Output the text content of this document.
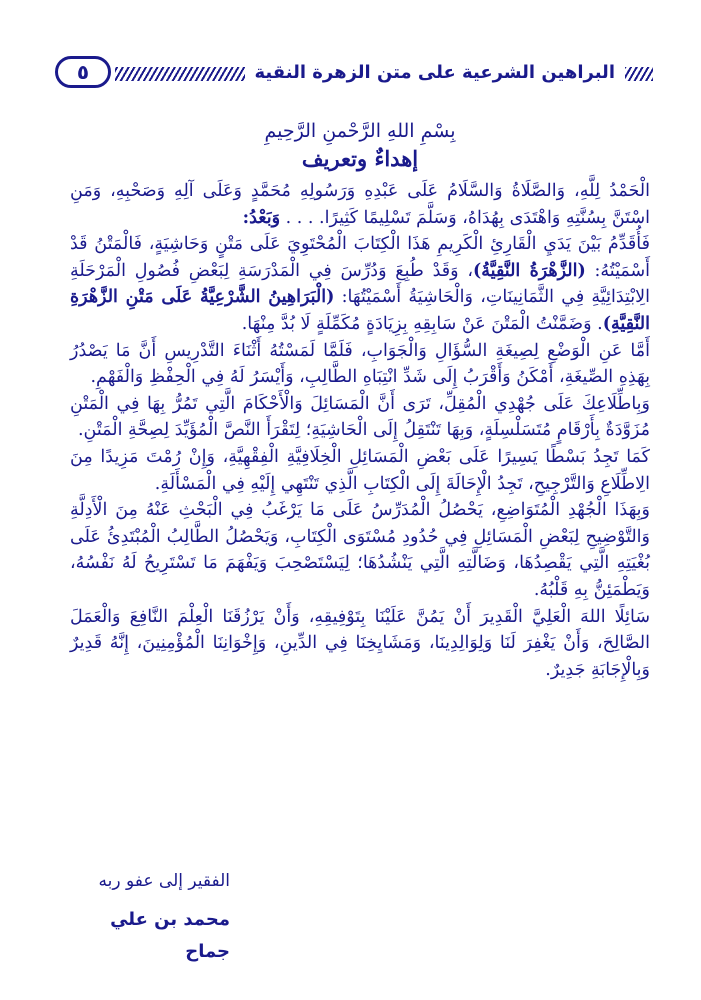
البراهين الشرعية على متن الزهرة النقية
٥
بِسْمِ اللهِ الرَّحْمنِ الرَّحِيمِ
إهداءٌ وتعريف

الْحَمْدُ لِلَّهِ، وَالصَّلَاةُ وَالسَّلَامُ عَلَى عَبْدِهِ وَرَسُولِهِ مُحَمَّدٍ وَعَلَى آلِهِ وَصَحْبِهِ، وَمَنِ اسْتَنَّ بِسُنَّتِهِ وَاهْتَدَى بِهُدَاهُ، وَسَلَّمَ تَسْلِيمًا كَثِيرًا. . . . وَبَعْدُ:

فَأُقَدِّمُ بَيْنَ يَدَيِ الْقَارِئِ الْكَرِيمِ هَذَا الْكِتَابَ الْمُحْتَوِيَ عَلَى مَتْنٍ وَحَاشِيَةٍ، فَالْمَتْنُ قَدْ أَسْمَيْتُهُ: (الزَّهْرَةُ النَّقِيَّةُ)، وَقَدْ طُبِعَ وَدُرِّسَ فِي الْمَدْرَسَةِ لِبَعْضِ فُصُولِ الْمَرْحَلَةِ الِابْتِدَائِيَّةِ فِي الثَّمَانِينَاتِ، وَالْحَاشِيَةُ أَسْمَيْتُهَا: (الْبَرَاهِينُ الشَّرْعِيَّةُ عَلَى مَتْنِ الزَّهْرَةِ النَّقِيَّةِ). وَضَمَّنْتُ الْمَتْنَ عَنْ سَابِقِهِ بِزِيَادَةٍ مُكَمِّلَةٍ لَا بُدَّ مِنْهَا.

أَمَّا عَنِ الْوَضْعِ لِصِيغَةِ السُّؤَالِ وَالْجَوَابِ، فَلَمَّا لَمَسْتُهُ أَثْنَاءَ التَّدْرِيسِ أَنَّ مَا يَصْدُرُ بِهَذِهِ الصِّيغَةِ، أَمْكَنُ وَأَقْرَبُ إِلَى شَدِّ انْتِبَاهِ الطَّالِبِ، وَأَيْسَرُ لَهُ فِي الْحِفْظِ وَالْفَهْمِ.

وَبِاطِّلَاعِكَ عَلَى جُهْدِي الْمُقِلِّ، تَرَى أَنَّ الْمَسَائِلَ وَالْأَحْكَامَ الَّتِي تَمُرُّ بِهَا فِي الْمَتْنِ مُزَوَّدَةٌ بِأَرْقَامٍ مُتَسَلْسِلَةٍ، وَبِهَا تَنْتَقِلُ إِلَى الْحَاشِيَةِ؛ لِتَقْرَأَ النَّصَّ الْمُؤَيِّدَ لِصِحَّةِ الْمَتْنِ.

كَمَا تَجِدُ بَسْطًا يَسِيرًا عَلَى بَعْضِ الْمَسَائِلِ الْخِلَافِيَّةِ الْفِقْهِيَّةِ، وَإِنْ رُمْتَ مَزِيدًا مِنَ الِاطِّلَاعِ وَالتَّرْجِيحِ، تَجِدُ الْإِحَالَةَ إِلَى الْكِتَابِ الَّذِي تَنْتَهِي إِلَيْهِ فِي الْمَسْأَلَةِ.

وَبِهَذَا الْجُهْدِ الْمُتَوَاضِعِ، يَحْصُلُ الْمُدَرِّسُ عَلَى مَا يَرْغَبُ فِي الْبَحْثِ عَنْهُ مِنَ الْأَدِلَّةِ وَالتَّوْضِيحِ لِبَعْضِ الْمَسَائِلِ فِي حُدُودِ مُسْتَوَى الْكِتَابِ، وَيَحْصُلُ الطَّالِبُ الْمُبْتَدِئُ عَلَى بُغْيَتِهِ الَّتِي يَقْصِدُهَا، وَضَالَّتِهِ الَّتِي يَنْشُدُهَا؛ لِيَسْتَصْحِبَ وَيَفْهَمَ مَا تَسْتَرِيحُ لَهُ نَفْسُهُ، وَيَطْمَئِنُّ بِهِ قَلْبُهُ.

سَائِلًا اللهَ الْعَلِيَّ الْقَدِيرَ أَنْ يَمُنَّ عَلَيْنَا بِتَوْفِيقِهِ، وَأَنْ يَرْزُقَنَا الْعِلْمَ النَّافِعَ وَالْعَمَلَ الصَّالِحَ، وَأَنْ يَغْفِرَ لَنَا وَلِوَالِدِينَا، وَمَشَايِخِنَا فِي الدِّينِ، وَإِخْوَانِنَا الْمُؤْمِنِينَ، إِنَّهُ قَدِيرٌ وَبِالْإِجَابَةِ جَدِيرٌ.

الفقير إلى عفو ربه
محمد بن علي جماح
